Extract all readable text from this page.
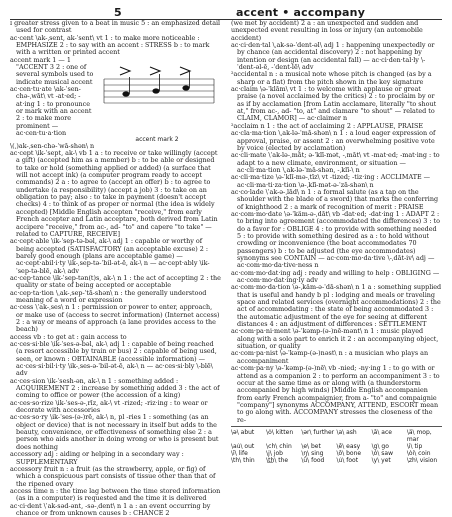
5	accent • accompany

ɪ greater stress given to a beat in music 5 : an emphasized detail used for contrast

ac·cent \ak-ˌsent, ak-ˈsent\ vt 1 : to make more noticeable : EMPHASIZE 2 : to say with an accent : STRESS b : to mark with a written or printed accent

accent mark 1 — 1 "ACCENT 3 2 : one of several symbols used to indicate musical accent

ac·cen·tu·ate \ak-ˈsen-chə-ˌwāt\ vt -at·ed; -at·ing 1 : to pronounce or mark with an accent 2 : to make more prominent — ac·cen·tu·a·tion

accent mark 2

\(ˌ)ak-ˌsen-chə-ˈwā-shən\ n

ac·cept \ik-ˈsept, ak-\ vb 1 a : to receive or take willingly (accept a gift) (accepted him as a member) b : to be able or designed to take or hold (something applied or added) (a surface that will not accept ink) (a computer program ready to accept commands) 2 a : to agree to (accept an offer) b : to agree to undertake (a responsibility) (accept a job) 3 : to take on an obligation to pay; also : to take in payment (doesn't accept checks) 4 : to think of as proper or normal (the idea is widely accepted) [Middle English accepten "receive," from early French accepter and Latin acceptare, both derived from Latin accipere "receive," from ac-, ad- "to" and capere "to take" — related to CAPTURE, RECEIVE]

ac·cept·able \ik-ˈsep-tə-bəl, ak-\ adj 1 : capable or worthy of being accepted (SATISFACTORY (an acceptable excuse) 2 : barely good enough (plans are acceptable game) — ac·cept·abil·i·ty \ik-ˌsep-tə-ˈbil-ət-ē, ak-\ n — ac·cept·ably \ik-ˈsep-tə-blē, ak-\ adv

ac·cep·tance \ik-ˈsep-tən(t)s, ak-\ n 1 : the act of accepting 2 : the quality or state of being accepted or acceptable

ac·cep·ta·tion \ˌak-ˌsep-ˈtā-shən\ n : the generally understood meaning of a word or expression

ac·cess \ˈak-ˌses\ n 1 : permission or power to enter, approach, or make use of (access to secret information) (Internet access) 2 : a way or means of approach (a lane provides access to the beach)

access vb : to get at : gain access to

ac·ces·si·ble \ik-ˈses-ə-bəl, ak-\ adj 1 : capable of being reached (a resort accessible by train or bus) 2 : capable of being used, seen, or known : OBTAINABLE (accessible information) — ac·ces·si·bil·i·ty \ik-ˌses-ə-ˈbil-ət-ē, ak-\ n — ac·ces·si·bly \-blē\ adv

ac·ces·sion \ik-ˈsesh-ən, ak-\ n 1 : something added : ACQUIREMENT 2 : increase by something added 3 : the act of coming to office or power (the accession of a king)

ac·ces·so·rize \ik-ˈses-ə-ˌrīz, ak-\ vt -rized; -riz·ing : to wear or decorate with accessories

ac·ces·so·ry \ik-ˈses-(ə-)rē, ak-\ n, pl -ries 1 : something (as an object or device) that is not necessary in itself but adds to the beauty, convenience, or effectiveness of something else 2 : a person who aids another in doing wrong or who is present but does nothing

accessory adj : aiding or helping in a secondary way : SUPPLEMENTARY

accessory fruit n : a fruit (as the strawberry, apple, or fig) of which a conspicuous part consists of tissue other than that of the ripened ovary

access time n : the time lag between the time stored information (as in a computer) is requested and the time it is delivered

ac·ci·dent \ˈak-səd-ənt, -sə-ˌdent\ n 1 a : an event occurring by chance or from unknown causes b : CHANCE 2

(we met by accident) 2 a : an unexpected and sudden and unexpected event resulting in loss or injury (an automobile accident)

ac·ci·den·tal \ˌak-sə-ˈdent-əl\ adj 1 : happening unexpectedly or by chance (an accidental discovery) 2 : not happening by intention or design (an accidental fall) — ac·ci·den·tal·ly \-ˈdent-əl-ē, -ˈdent-lē\ adv

²accidental n : a musical note whose pitch is changed (as by a sharp or a flat) from the pitch shown in the key signature

ac·claim \ə-ˈklām\ vt 1 : to welcome with applause or great praise (a novel acclaimed by the critics) 2 : to proclaim by or as if by acclamation [from Latin acclamare, literally "to shout at," from ac-, ad- "to, at" and clamare "to shout" — related to CLAIM, CLAMOR] — ac·claimer n

²acclaim n 1 : the act of acclaiming 2 : APPLAUSE, PRAISE

ac·cla·ma·tion \ˌak-lə-ˈmā-shən\ n 1 : a loud eager expression of approval, praise, or assent 2 : an overwhelming positive vote by voice (elected by acclamation)

ac·cli·mate \ˈak-lə-ˌmāt; ə-ˈklī-mət, -ˌmāt\ vt -mat·ed; -mat·ing : to adapt to a new climate, environment, or situation — ac·cli·ma·tion \ˌak-lə-ˈmā-shən, -ˌklī-\ n

ac·cli·ma·tize \ə-ˈklī-mə-ˌtīz\ vt -tized; -tiz·ing : ACCLIMATE — ac·cli·ma·ti·za·tion \ə-ˌklī-mət-ə-ˈzā-shən\ n

ac·co·lade \ˈak-ə-ˌlād\ n 1 : a formal salute (as a tap on the shoulder with the blade of a sword) that marks the conferring of knighthood 2 : a mark of recognition of merit : PRAISE

ac·com·mo·date \ə-ˈkäm-ə-ˌdāt\ vb -dat·ed; -dat·ing 1 : ADAPT 2 : to bring into agreement (accommodated the differences) 3 : to do a favor for : OBLIGE 4 : to provide with something needed 5 : to provide with something desired as a : to hold without crowding or inconvenience (the boat accommodates 70 passengers) b : to be adjusted (the eye accommodates) synonyms see CONTAIN — ac·com·mo·da·tive \-ˌdāt-iv\ adj — ac·com·mo·da·tive·ness n

ac·com·mo·dat·ing adj : ready and willing to help : OBLIGING — ac·com·mo·dat·ing·ly adv

ac·com·mo·da·tion \ə-ˌkäm-ə-ˈdā-shən\ n 1 a : something supplied that is useful and handy b pl : lodging and meals or traveling space and related services (overnight accommodations) 2 : the act of accommodating : the state of being accommodated 3 : the automatic adjustment of the eye for seeing at different distances 4 : an adjustment of differences : SETTLEMENT

ac·com·pa·ni·ment \ə-ˈkəmp-(ə-)nē-mənt\ n 1 : music played along with a solo part to enrich it 2 : an accompanying object, situation, or quality

ac·com·pa·nist \ə-ˈkəmp-(ə-)nəst\ n : a musician who plays an accompaniment

ac·com·pa·ny \ə-ˈkəmp-(ə-)nē\ vb -nied; -ny·ing 1 : to go with or attend as a companion 2 : to perform an accompaniment 3 : to occur at the same time as or along with (a thunderstorm accompanied by high winds) [Middle English accompanien from early French acompaignier, from a- "to" and compaignie "company"] synonyms ACCOMPANY, ATTEND, ESCORT mean to go along with. ACCOMPANY stresses the closeness of the re-

\ə\ abut	\ȯ\ kitten	\ər\ further \a\ ash	\ā\ ace	\ä\ mop, mar
\au̇\ out	\ch\ chin	\e\ bet	\ē\ easy	\g\ go	\i\ tip
\ī\ life	\j\ job	\ŋ\ sing	\ō\ bone	\ȯ\ saw	\ȯi\ coin
\th\ thin	\t͟h\ the	\ü\ food	\u̇\ foot	\y\ yet	\zh\ vision
